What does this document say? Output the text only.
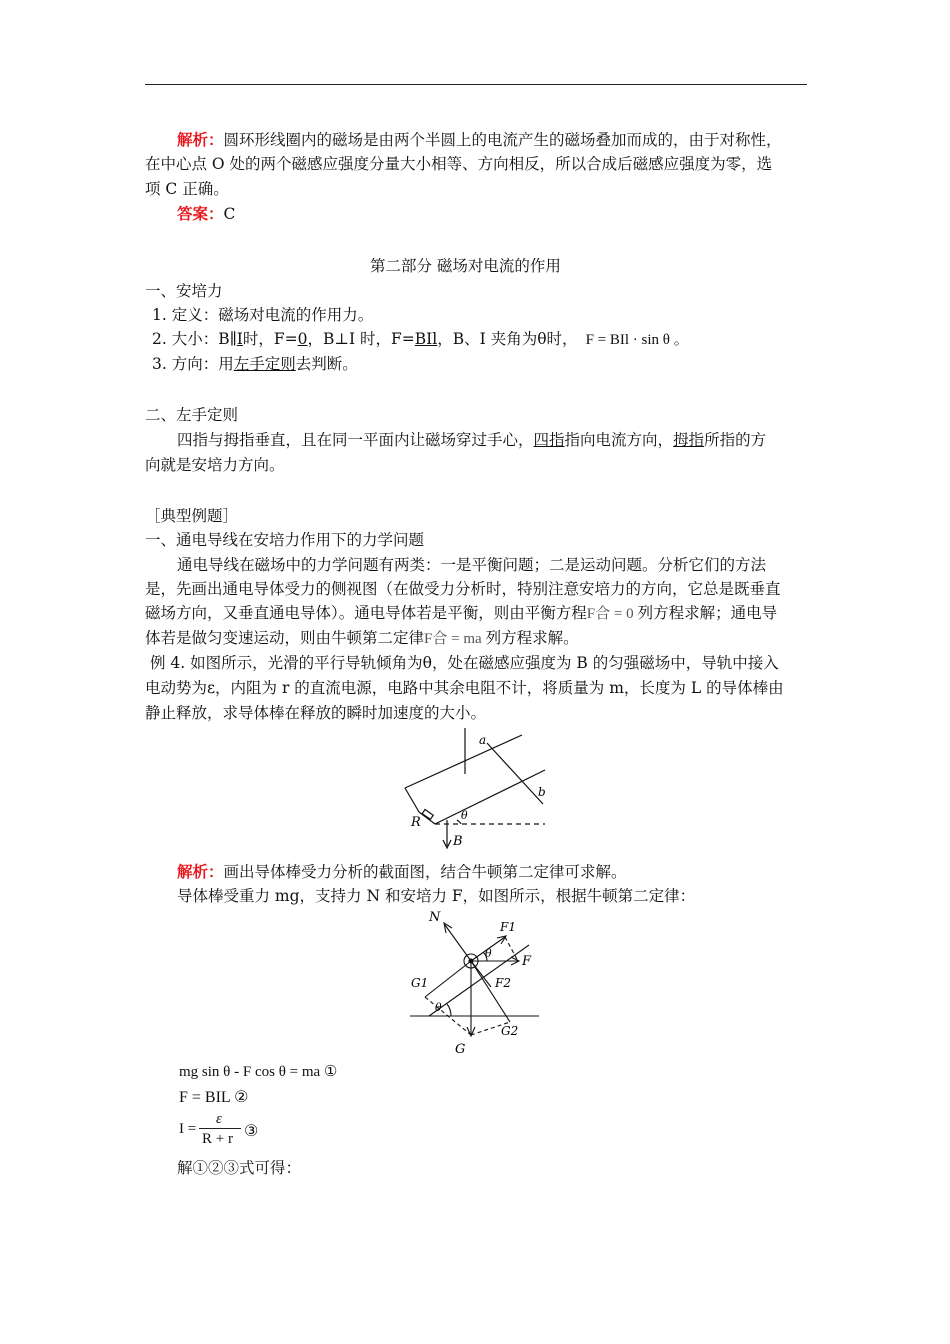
解析：圆环形线圈内的磁场是由两个半圆上的电流产生的磁场叠加而成的，由于对称性，
在中心点 O 处的两个磁感应强度分量大小相等、方向相反，所以合成后磁感应强度为零，选
项 C 正确。
答案：C
第二部分 磁场对电流的作用
一、安培力
1. 定义：磁场对电流的作用力。
2. 大小：B∥I时，F=0，B⊥I 时，F=BIl，B、I 夹角为θ时， F = BIl · sin θ 。
3. 方向：用左手定则去判断。
二、左手定则
四指与拇指垂直，且在同一平面内让磁场穿过手心，四指指向电流方向，拇指所指的方
向就是安培力方向。
［典型例题］
一、通电导线在安培力作用下的力学问题
通电导线在磁场中的力学问题有两类：一是平衡问题；二是运动问题。分析它们的方法
是，先画出通电导体受力的侧视图（在做受力分析时，特别注意安培力的方向，它总是既垂直
磁场方向，又垂直通电导体）。通电导体若是平衡，则由平衡方程F合 = 0 列方程求解；通电导
体若是做匀变速运动，则由牛顿第二定律F合 = ma 列方程求解。
例 4. 如图所示，光滑的平行导轨倾角为θ，处在磁感应强度为 B 的匀强磁场中，导轨中接入
电动势为ε，内阻为 r 的直流电源，电路中其余电阻不计，将质量为 m，长度为 L 的导体棒由
静止释放，求导体棒在释放的瞬时加速度的大小。
a
b
R	θ
B
解析：画出导体棒受力分析的截面图，结合牛顿第二定律可求解。
导体棒受重力 mg，支持力 N 和安培力 F，如图所示，根据牛顿第二定律：
N
F1
F
F2
G1
G2
G
θ
θ
mg sin θ - F cos θ = ma ①
F = BIL ②
I =
ε
R + r ③
解①②③式可得：
